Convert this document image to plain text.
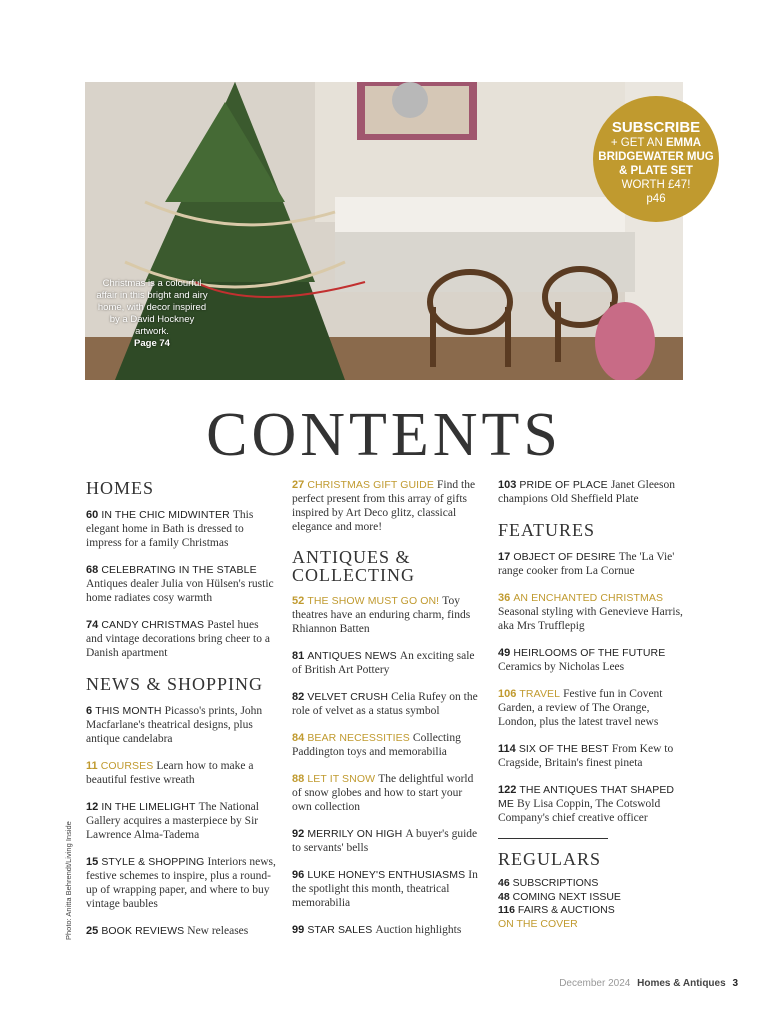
Christmas is a colourful affair in this bright and airy home, with decor inspired by a David Hockney artwork.
Page 74
SUBSCRIBE
+ GET AN EMMA BRIDGEWATER MUG & PLATE SET
WORTH £47!
p46
CONTENTS
HOMES
60 IN THE CHIC MIDWINTER This elegant home in Bath is dressed to impress for a family Christmas
68 CELEBRATING IN THE STABLE Antiques dealer Julia von Hülsen's rustic home radiates cosy warmth
74 CANDY CHRISTMAS Pastel hues and vintage decorations bring cheer to a Danish apartment
NEWS & SHOPPING
6 THIS MONTH Picasso's prints, John Macfarlane's theatrical designs, plus antique candelabra
11 COURSES Learn how to make a beautiful festive wreath
12 IN THE LIMELIGHT The National Gallery acquires a masterpiece by Sir Lawrence Alma-Tadema
15 STYLE & SHOPPING Interiors news, festive schemes to inspire, plus a round-up of wrapping paper, and where to buy vintage baubles
25 BOOK REVIEWS New releases
27 CHRISTMAS GIFT GUIDE Find the perfect present from this array of gifts inspired by Art Deco glitz, classical elegance and more!
ANTIQUES &
COLLECTING
52 THE SHOW MUST GO ON! Toy theatres have an enduring charm, finds Rhiannon Batten
81 ANTIQUES NEWS An exciting sale of British Art Pottery
82 VELVET CRUSH Celia Rufey on the role of velvet as a status symbol
84 BEAR NECESSITIES Collecting Paddington toys and memorabilia
88 LET IT SNOW The delightful world of snow globes and how to start your own collection
92 MERRILY ON HIGH A buyer's guide to servants' bells
96 LUKE HONEY'S ENTHUSIASMS In the spotlight this month, theatrical memorabilia
99 STAR SALES Auction highlights
103 PRIDE OF PLACE Janet Gleeson champions Old Sheffield Plate
FEATURES
17 OBJECT OF DESIRE The 'La Vie' range cooker from La Cornue
36 AN ENCHANTED CHRISTMAS Seasonal styling with Genevieve Harris, aka Mrs Trufflepig
49 HEIRLOOMS OF THE FUTURE Ceramics by Nicholas Lees
106 TRAVEL Festive fun in Covent Garden, a review of The Orange, London, plus the latest travel news
114 SIX OF THE BEST From Kew to Cragside, Britain's finest pineta
122 THE ANTIQUES THAT SHAPED ME By Lisa Coppin, The Cotswold Company's chief creative officer
REGULARS
46 SUBSCRIPTIONS
48 COMING NEXT ISSUE
116 FAIRS & AUCTIONS
ON THE COVER
Photo: Anitta Behrendt/Living Inside
December 2024 Homes & Antiques 3
